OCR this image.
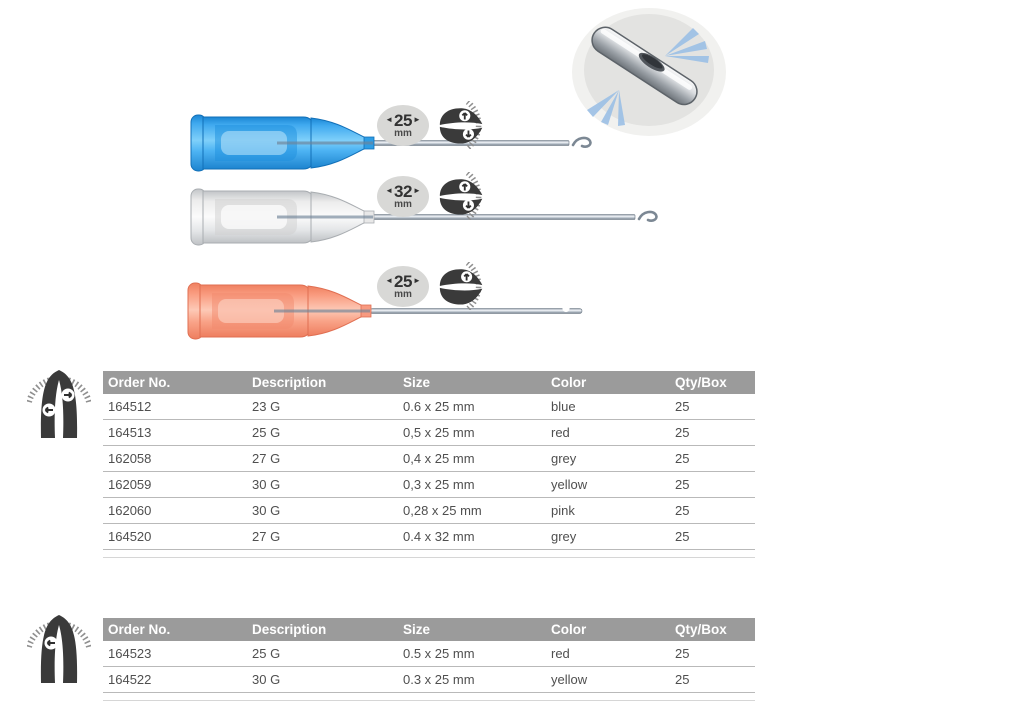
◄ 25 ►
mm
◄ 32 ►
mm
◄ 25 ►
mm
Order No.	Description	Size	Color	Qty/Box
164512	23 G	0.6 x 25 mm	blue	25
164513	25 G	0,5 x 25 mm	red	25
162058	27 G	0,4 x 25 mm	grey	25
162059	30 G	0,3 x 25 mm	yellow	25
162060	30 G	0,28 x 25 mm	pink	25
164520	27 G	0.4 x 32 mm	grey	25
Order No.	Description	Size	Color	Qty/Box
164523	25 G	0.5 x 25 mm	red	25
164522	30 G	0.3 x 25 mm	yellow	25
